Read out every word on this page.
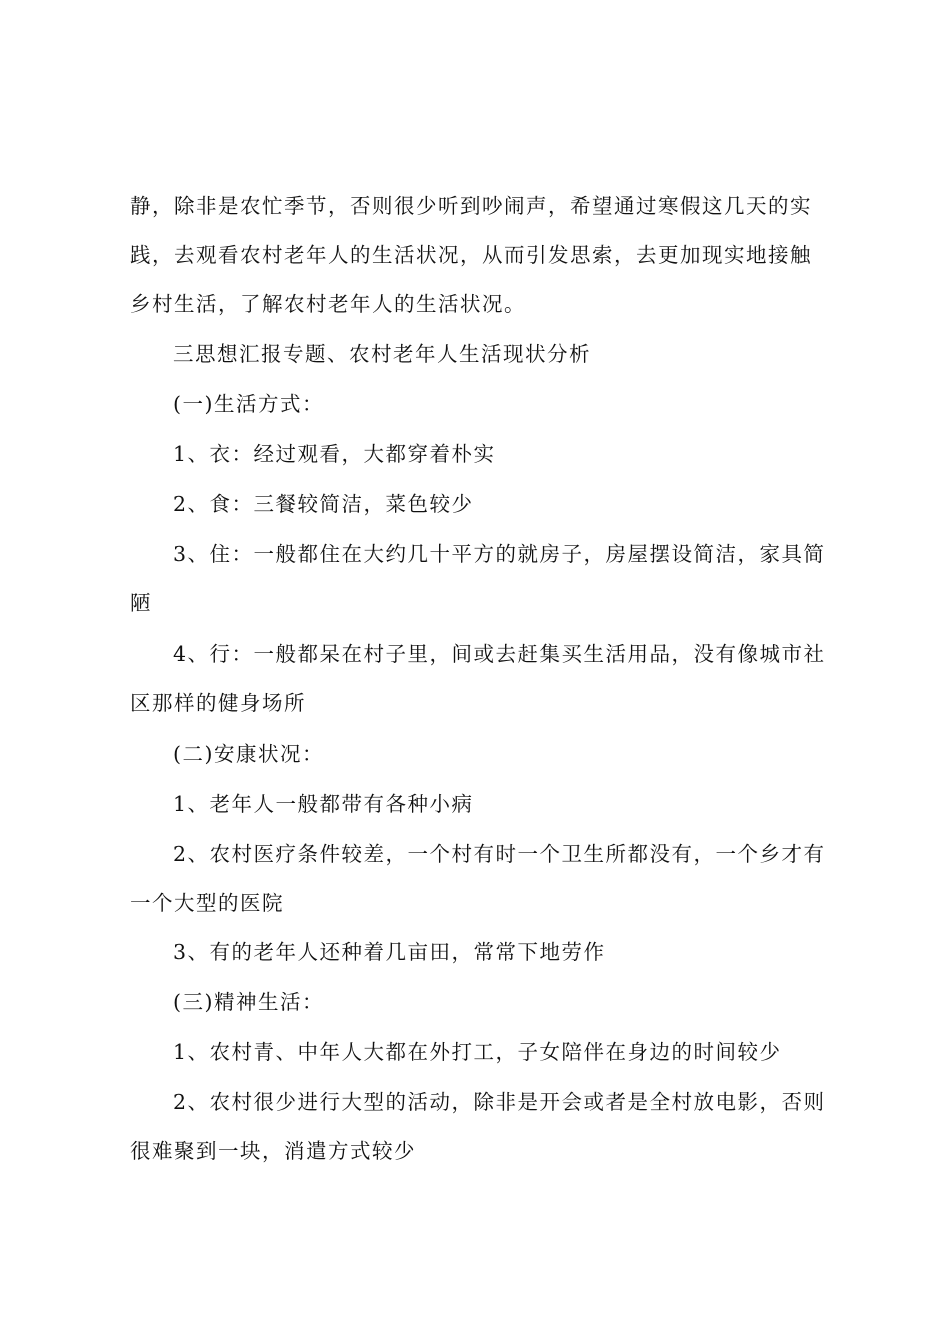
静，除非是农忙季节，否则很少听到吵闹声，希望通过寒假这几天的实
践，去观看农村老年人的生活状况，从而引发思索，去更加现实地接触
乡村生活，了解农村老年人的生活状况。

三思想汇报专题、农村老年人生活现状分析

(一)生活方式：

1、衣：经过观看，大都穿着朴实

2、食：三餐较简洁，菜色较少

3、住：一般都住在大约几十平方的就房子，房屋摆设简洁，家具简
陋

4、行：一般都呆在村子里，间或去赶集买生活用品，没有像城市社
区那样的健身场所

(二)安康状况：

1、老年人一般都带有各种小病

2、农村医疗条件较差，一个村有时一个卫生所都没有，一个乡才有
一个大型的医院

3、有的老年人还种着几亩田，常常下地劳作

(三)精神生活：

1、农村青、中年人大都在外打工，子女陪伴在身边的时间较少

2、农村很少进行大型的活动，除非是开会或者是全村放电影，否则
很难聚到一块，消遣方式较少
